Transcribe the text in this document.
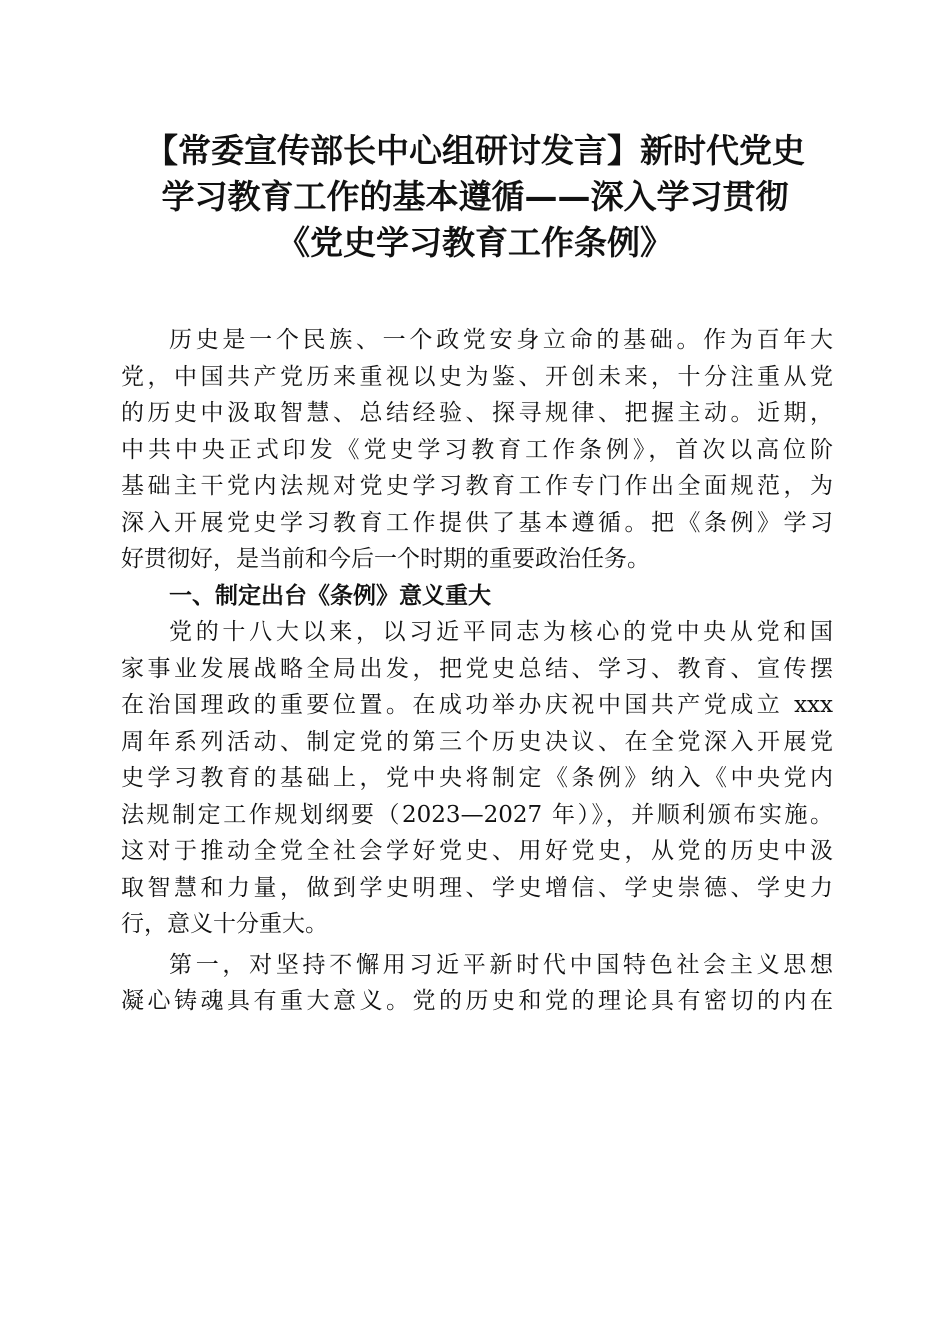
【常委宣传部长中心组研讨发言】新时代党史
学习教育工作的基本遵循——深入学习贯彻
《党史学习教育工作条例》
历史是一个民族、一个政党安身立命的基础。作为百年大
党，中国共产党历来重视以史为鉴、开创未来，十分注重从党
的历史中汲取智慧、总结经验、探寻规律、把握主动。近期，
中共中央正式印发《党史学习教育工作条例》，首次以高位阶
基础主干党内法规对党史学习教育工作专门作出全面规范，为
深入开展党史学习教育工作提供了基本遵循。把《条例》学习
好贯彻好，是当前和今后一个时期的重要政治任务。
一、制定出台《条例》意义重大
党的十八大以来，以习近平同志为核心的党中央从党和国
家事业发展战略全局出发，把党史总结、学习、教育、宣传摆
在治国理政的重要位置。在成功举办庆祝中国共产党成立 xxx
周年系列活动、制定党的第三个历史决议、在全党深入开展党
史学习教育的基础上，党中央将制定《条例》纳入《中央党内
法规制定工作规划纲要（2023—2027 年）》，并顺利颁布实施。
这对于推动全党全社会学好党史、用好党史，从党的历史中汲
取智慧和力量，做到学史明理、学史增信、学史崇德、学史力
行，意义十分重大。
第一，对坚持不懈用习近平新时代中国特色社会主义思想
凝心铸魂具有重大意义。党的历史和党的理论具有密切的内在
